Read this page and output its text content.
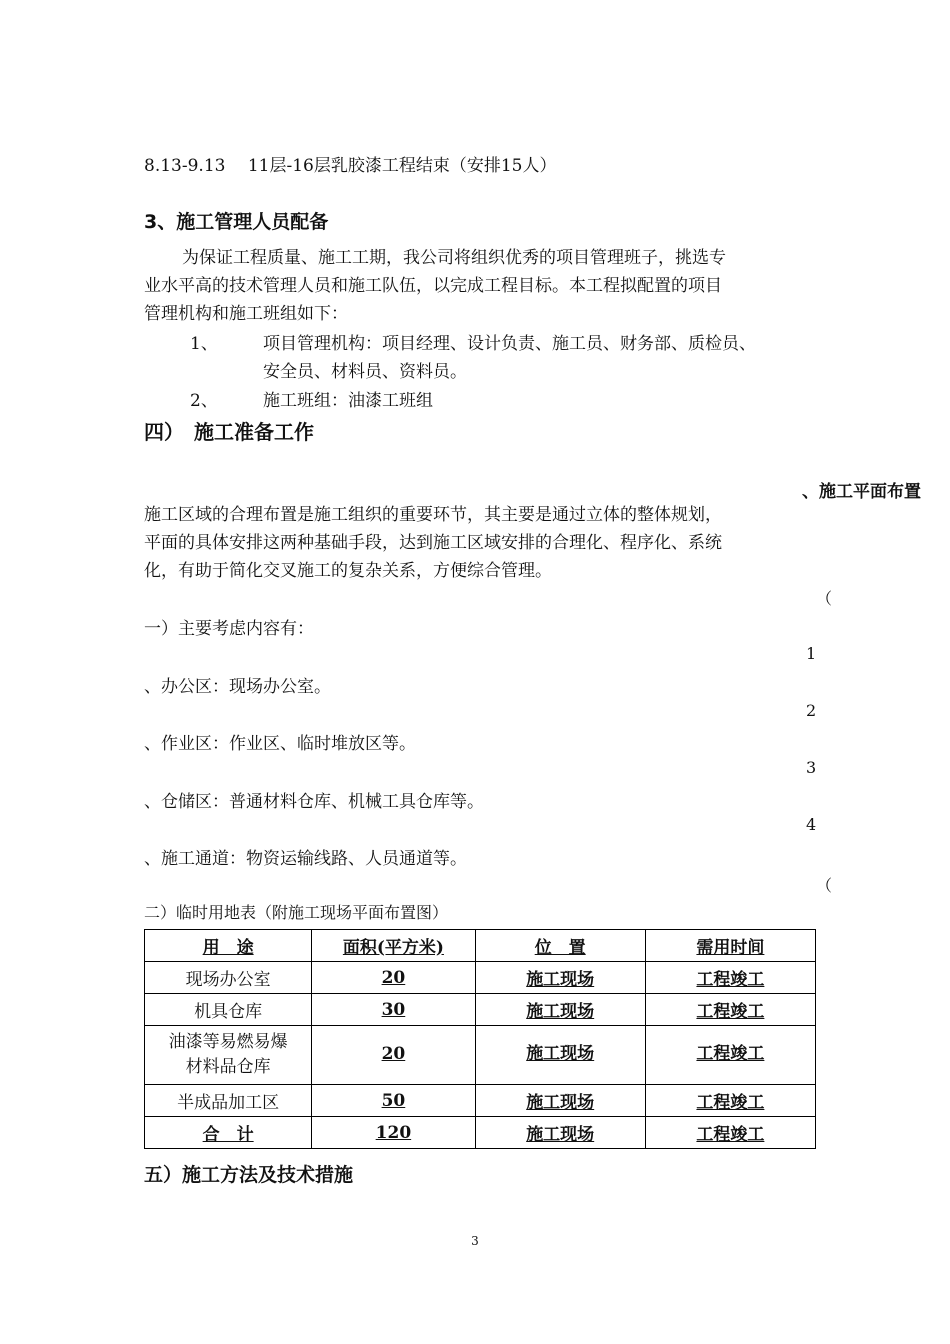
8.13-9.13　 11层-16层乳胶漆工程结束（安排15人）
3、施工管理人员配备
为保证工程质量、施工工期，我公司将组织优秀的项目管理班子，挑选专
业水平高的技术管理人员和施工队伍，以完成工程目标。本工程拟配置的项目
管理机构和施工班组如下：
1、	项目管理机构：项目经理、设计负责、施工员、财务部、质检员、
安全员、材料员、资料员。
2、	施工班组：油漆工班组
四）　施工准备工作
、施工平面布置
施工区域的合理布置是施工组织的重要环节，其主要是通过立体的整体规划，
平面的具体安排这两种基础手段，达到施工区域安排的合理化、程序化、系统
化，有助于简化交叉施工的复杂关系，方便综合管理。
（
一）主要考虑内容有：
1
、办公区：现场办公室。
2
、作业区：作业区、临时堆放区等。
3
、仓储区：普通材料仓库、机械工具仓库等。
4
、施工通道：物资运输线路、人员通道等。
（
二）临时用地表（附施工现场平面布置图）
用　途	面积(平方米)	位　置	需用时间
现场办公室	20	施工现场	工程竣工
机具仓库	30	施工现场	工程竣工

油漆等易燃易爆
材料品仓库	20	施工现场	工程竣工
半成品加工区	50	施工现场	工程竣工
合　计	120	施工现场	工程竣工
五）施工方法及技术措施
3
